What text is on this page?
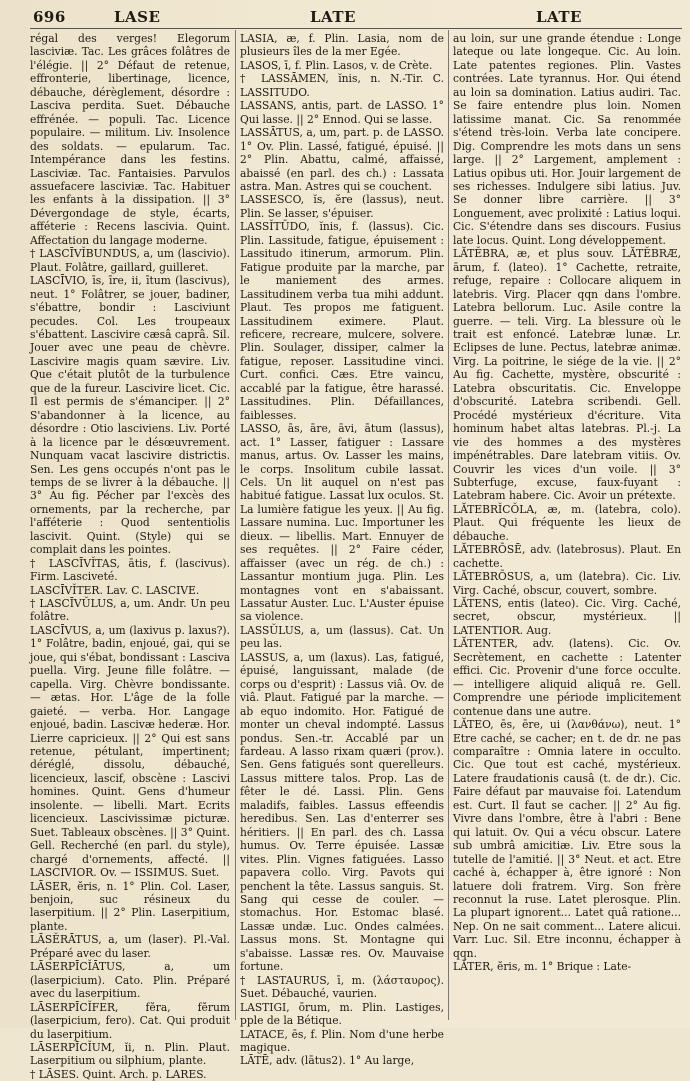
696	LASE	LATE	LATE

régal des verges! Elegorum lasciviæ. Tac. Les grâces folâtres de l'élégie. || 2° Défaut de retenue, effronterie, libertinage, licence, débauche, dérèglement, désordre : Lasciva perdita. Suet. Débauche effrénée. — populi. Tac. Licence populaire. — militum. Liv. Insolence des soldats. — epularum. Tac. Intempérance dans les festins. Lasciviæ. Tac. Fantaisies. Parvulos assuefacere lasciviæ. Tac. Habituer les enfants à la dissipation. || 3° Dévergondage de style, écarts, afféterie : Recens lascivia. Quint. Affectation du langage moderne.

† LASCĪVĬBUNDUS, a, um (lascivio). Plaut. Folâtre, gaillard, guilleret.

LASCĪVIO, īs, īre, ii, ītum (lascivus), neut. 1° Folâtrer, se jouer, badiner, s'ébattre, bondir : Lasciviunt pecudes. Col. Les troupeaux s'ébattent. Lascivire cæsâ caprâ. Sil. Jouer avec une peau de chèvre. Lascivire magis quam sævire. Liv. Que c'était plutôt de la turbulence que de la fureur. Lascivire licet. Cic. Il est permis de s'émanciper. || 2° S'abandonner à la licence, au désordre : Otio lasciviens. Liv. Porté à la licence par le désœuvrement. Nunquam vacat lascivire districtis. Sen. Les gens occupés n'ont pas le temps de se livrer à la débauche. || 3° Au fig. Pécher par l'excès des ornements, par la recherche, par l'afféterie : Quod sententiolis lascivit. Quint. (Style) qui se complait dans les pointes.

† LASCĪVĬTAS, ātis, f. (lascivus). Firm. Lasciveté.

LASCĪVĬTER. Lav. C. LASCIVE.

† LASCĪVŬLUS, a, um. Andr. Un peu folâtre.

LASCĪVUS, a, um (laxivus p. laxus?). 1° Folâtre, badin, enjoué, gai, qui se joue, qui s'ébat, bondissant : Lasciva puella. Virg. Jeune fille folâtre. — capella. Virg. Chèvre bondissante. — ætas. Hor. L'âge de la folle gaieté. — verba. Hor. Langage enjoué, badin. Lascivæ hederæ. Hor. Lierre capricieux. || 2° Qui est sans retenue, pétulant, impertinent; déréglé, dissolu, débauché, licencieux, lascif, obscène : Lascivi homines. Quint. Gens d'humeur insolente. — libelli. Mart. Ecrits licencieux. Lascivissimæ picturæ. Suet. Tableaux obscènes. || 3° Quint. Gell. Recherché (en parl. du style), chargé d'ornements, affecté. || LASCIVIOR. Ov. — ISSIMUS. Suet.

LĀSER, ĕris, n. 1° Plin. Col. Laser, benjoin, suc résineux du laserpitium. || 2° Plin. Laserpitium, plante.

LĀSĔRĀTUS, a, um (laser). Pl.-Val. Préparé avec du laser.

LĀSERPĪCĬĀTUS, a, um (laserpicium). Cato. Plin. Préparé avec du laserpitium.

LĀSERPĪCĬFER, fĕra, fĕrum (laserpicium, fero). Cat. Qui produit du laserpitium.

LĀSERPĪCĬUM, ĭi, n. Plin. Plaut. Laserpitium ou silphium, plante.

† LĀSES. Quint. Arch. p. LARES.

LASIA, æ, f. Plin. Lasia, nom de plusieurs îles de la mer Egée.

LASOS, ī, f. Plin. Lasos, v. de Crète.

† LASSĀMEN, ĭnis, n. N.-Tir. C. LASSITUDO.

LASSANS, antis, part. de LASSO. 1° Qui lasse. || 2° Ennod. Qui se lasse.

LASSĀTUS, a, um, part. p. de LASSO. 1° Ov. Plin. Lassé, fatigué, épuisé. || 2° Plin. Abattu, calmé, affaissé, abaissé (en parl. des ch.) : Lassata astra. Man. Astres qui se couchent.

LASSESCO, ĭs, ĕre (lassus), neut. Plin. Se lasser, s'épuiser.

LASSĬTŪDO, ĭnis, f. (lassus). Cic. Plin. Lassitude, fatigue, épuisement : Lassitudo itinerum, armorum. Plin. Fatigue produite par la marche, par le maniement des armes. Lassitudinem verba tua mihi addunt. Plaut. Tes propos me fatiguent. Lassitudinem eximere. Plaut. reficere, recreare, mulcere, solvere. Plin. Soulager, dissiper, calmer la fatigue, reposer. Lassitudine vinci. Curt. confici. Cæs. Etre vaincu, accablé par la fatigue, être harassé. Lassitudines. Plin. Défaillances, faiblesses.

LASSO, ās, āre, āvi, ātum (lassus), act. 1° Lasser, fatiguer : Lassare manus, artus. Ov. Lasser les mains, le corps. Insolitum cubile lassat. Cels. Un lit auquel on n'est pas habitué fatigue. Lassat lux oculos. St. La lumière fatigue les yeux. || Au fig. Lassare numina. Luc. Importuner les dieux. — libellis. Mart. Ennuyer de ses requêtes. || 2° Faire céder, affaisser (avec un rég. de ch.) : Lassantur montium juga. Plin. Les montagnes vont en s'abaissant. Lassatur Auster. Luc. L'Auster épuise sa violence.

LASSŬLUS, a, um (lassus). Cat. Un peu las.

LASSUS, a, um (laxus). Las, fatigué, épuisé, languissant, malade (de corps ou d'esprit) : Lassus viâ. Ov. de viâ. Plaut. Fatigué par la marche. — ab equo indomito. Hor. Fatigué de monter un cheval indompté. Lassus pondus. Sen.-tr. Accablé par un fardeau. A lasso rixam quæri (prov.). Sen. Gens fatigués sont querelleurs. Lassus mittere talos. Prop. Las de fêter le dé. Lassi. Plin. Gens maladifs, faibles. Lassus effeendis heredibus. Sen. Las d'enterrer ses héritiers. || En parl. des ch. Lassa humus. Ov. Terre épuisée. Lassæ vites. Plin. Vignes fatiguées. Lasso papavera collo. Virg. Pavots qui penchent la tête. Lassus sanguis. St. Sang qui cesse de couler. — stomachus. Hor. Estomac blasé. Lassæ undæ. Luc. Ondes calmées. Lassus mons. St. Montagne qui s'abaisse. Lassæ res. Ov. Mauvaise fortune.

† LASTAURUS, ī, m. (λάσταυρος). Suet. Débauché, vaurien.

LASTIGI, ōrum, m. Plin. Lastiges, pple de la Bétique.

LATACE, ēs, f. Plin. Nom d'une herbe magique.

LĀTĒ, adv. (lātus2). 1° Au large,

au loin, sur une grande étendue : Longe lateque ou late longeque. Cic. Au loin. Late patentes regiones. Plin. Vastes contrées. Late tyrannus. Hor. Qui étend au loin sa domination. Latius audiri. Tac. Se faire entendre plus loin. Nomen latissime manat. Cic. Sa renommée s'étend très-loin. Verba late concipere. Dig. Comprendre les mots dans un sens large. || 2° Largement, amplement : Latius opibus uti. Hor. Jouir largement de ses richesses. Indulgere sibi latius. Juv. Se donner libre carrière. || 3° Longuement, avec prolixité : Latius loqui. Cic. S'étendre dans ses discours. Fusius late locus. Quint. Long développement.

LĂTĔBRA, æ, et plus souv. LĂTĔBRÆ, ārum, f. (lateo). 1° Cachette, retraite, refuge, repaire : Collocare aliquem in latebris. Virg. Placer qqn dans l'ombre. Latebra bellorum. Luc. Asile contre la guerre. — teli. Virg. La blessure où le trait est enfoncé. Latebræ lunæ. Lr. Eclipses de lune. Pectus, latebræ animæ. Virg. La poitrine, le siége de la vie. || 2° Au fig. Cachette, mystère, obscurité : Latebra obscuritatis. Cic. Enveloppe d'obscurité. Latebra scribendi. Gell. Procédé mystérieux d'écriture. Vita hominum habet altas latebras. Pl.-j. La vie des hommes a des mystères impénétrables. Dare latebram vitiis. Ov. Couvrir les vices d'un voile. || 3° Subterfuge, excuse, faux-fuyant : Latebram habere. Cic. Avoir un prétexte.

LĂTEBRĬCŎLA, æ, m. (latebra, colo). Plaut. Qui fréquente les lieux de débauche.

LĂTEBRŌSĒ, adv. (latebrosus). Plaut. En cachette.

LĂTEBRŌSUS, a, um (latebra). Cic. Liv. Virg. Caché, obscur, couvert, sombre.

LĂTENS, entis (lateo). Cic. Virg. Caché, secret, obscur, mystérieux. || LATENTIOR. Aug.

LĂTENTER, adv. (latens). Cic. Ov. Secrètement, en cachette : Latenter effici. Cic. Provenir d'une force occulte. — intelligere aliquid aliquâ re. Gell. Comprendre une période implicitement contenue dans une autre.

LĂTEO, ēs, ēre, ui (λανθάνω), neut. 1° Etre caché, se cacher; en t. de dr. ne pas comparaître : Omnia latere in occulto. Cic. Que tout est caché, mystérieux. Latere fraudationis causâ (t. de dr.). Cic. Faire défaut par mauvaise foi. Latendum est. Curt. Il faut se cacher. || 2° Au fig. Vivre dans l'ombre, être à l'abri : Bene qui latuit. Ov. Qui a vécu obscur. Latere sub umbrâ amicitiæ. Liv. Etre sous la tutelle de l'amitié. || 3° Neut. et act. Etre caché à, échapper à, être ignoré : Non latuere doli fratrem. Virg. Son frère reconnut la ruse. Latet plerosque. Plin. La plupart ignorent... Latet quâ ratione... Nep. On ne sait comment... Latere alicui. Varr. Luc. Sil. Etre inconnu, échapper à qqn.

LĂTER, ĕris, m. 1° Brique : Late-
